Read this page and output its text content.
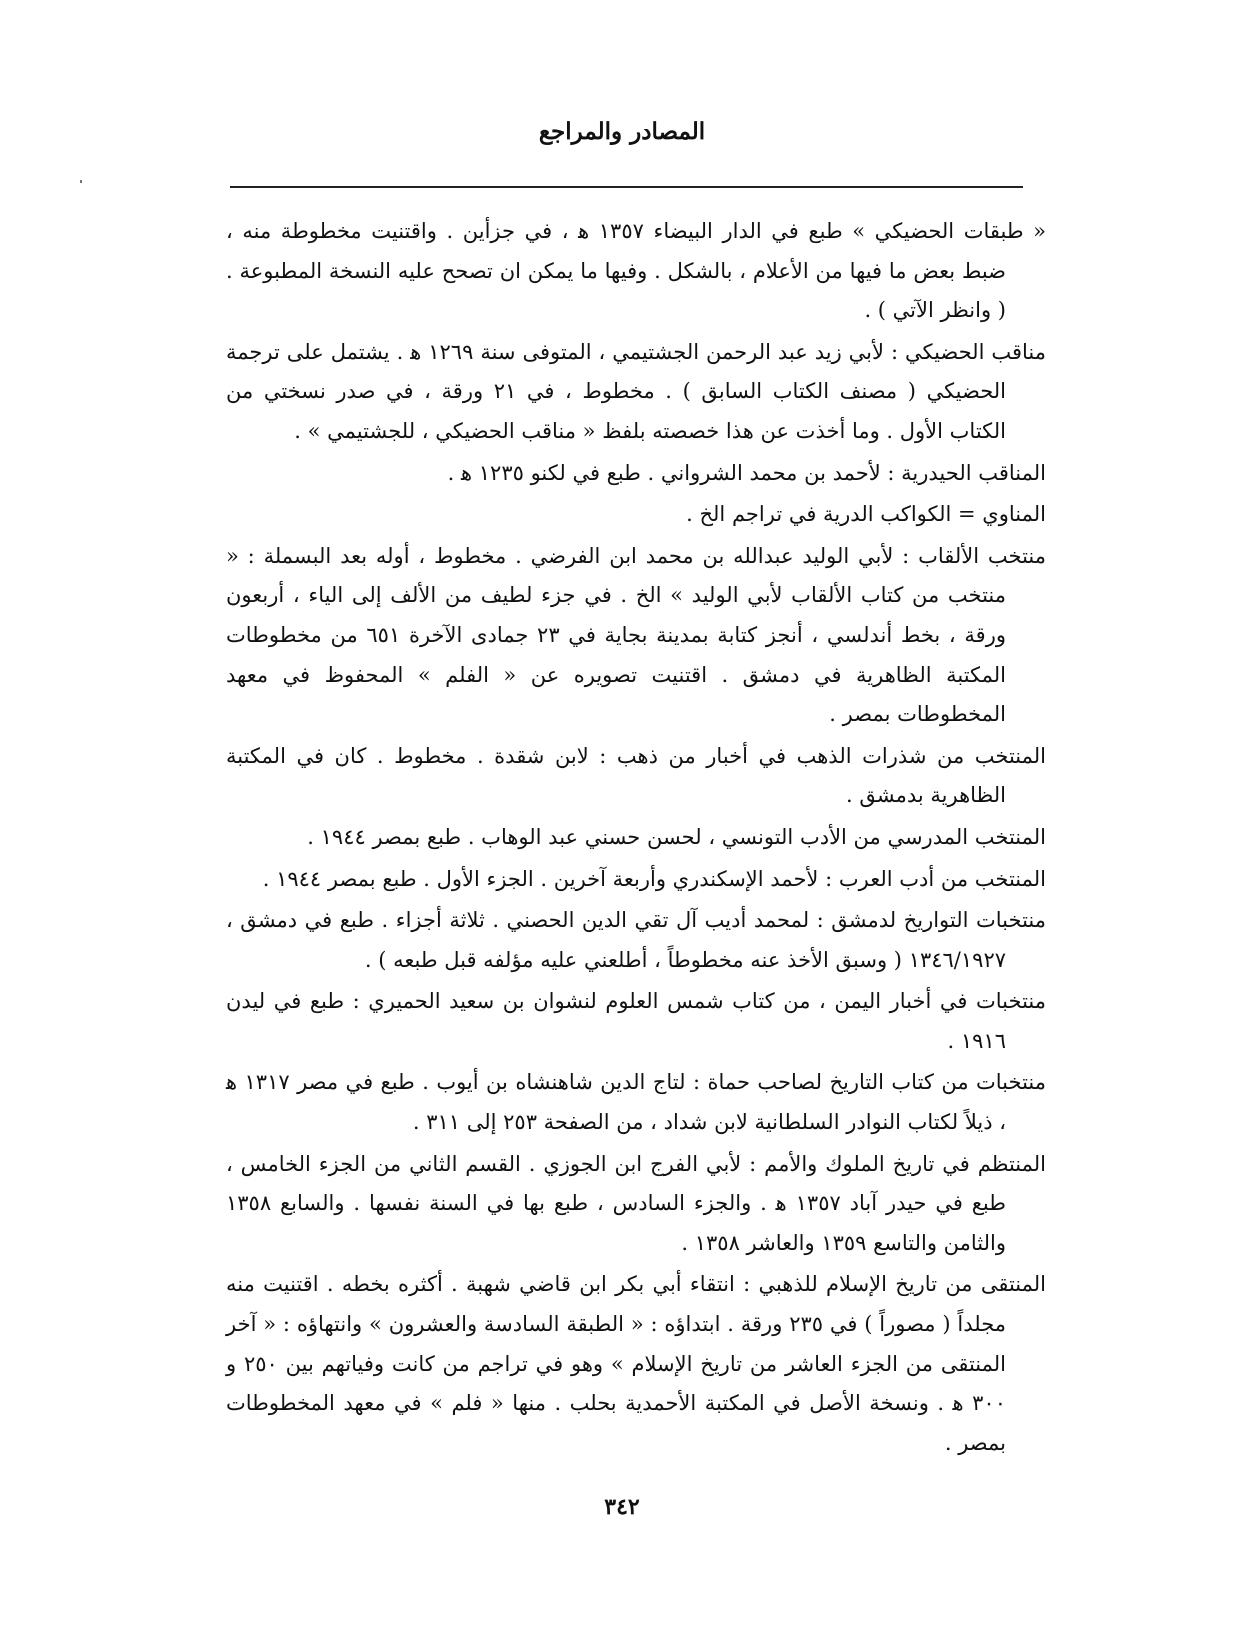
المصادر والمراجع

« طبقات الحضيكي » طبع في الدار البيضاء ١٣٥٧ ﻫ ، في جزأين . واقتنيت مخطوطة منه ، ضبط بعض ما فيها من الأعلام ، بالشكل . وفيها ما يمكن ان تصحح عليه النسخة المطبوعة . ( وانظر الآتي ) .

مناقب الحضيكي : لأبي زيد عبد الرحمن الجشتيمي ، المتوفى سنة ١٢٦٩ ﻫ . يشتمل على ترجمة الحضيكي ( مصنف الكتاب السابق ) . مخطوط ، في ٢١ ورقة ، في صدر نسختي من الكتاب الأول . وما أخذت عن هذا خصصته بلفظ « مناقب الحضيكي ، للجشتيمي » .

المناقب الحيدرية : لأحمد بن محمد الشرواني . طبع في لكنو ١٢٣٥ ﻫ .

المناوي = الكواكب الدرية في تراجم الخ .

منتخب الألقاب : لأبي الوليد عبدالله بن محمد ابن الفرضي . مخطوط ، أوله بعد البسملة : « منتخب من كتاب الألقاب لأبي الوليد » الخ . في جزء لطيف من الألف إلى الياء ، أربعون ورقة ، بخط أندلسي ، أنجز كتابة بمدينة بجاية في ٢٣ جمادى الآخرة ٦٥١ من مخطوطات المكتبة الظاهرية في دمشق . اقتنيت تصويره عن « الفلم » المحفوظ في معهد المخطوطات بمصر .

المنتخب من شذرات الذهب في أخبار من ذهب : لابن شقدة . مخطوط . كان في المكتبة الظاهرية بدمشق .

المنتخب المدرسي من الأدب التونسي ، لحسن حسني عبد الوهاب . طبع بمصر ١٩٤٤ .

المنتخب من أدب العرب : لأحمد الإسكندري وأربعة آخرين . الجزء الأول . طبع بمصر ١٩٤٤ .

منتخبات التواريخ لدمشق : لمحمد أديب آل تقي الدين الحصني . ثلاثة أجزاء . طبع في دمشق ، ١٣٤٦/١٩٢٧ ( وسبق الأخذ عنه مخطوطاً ، أطلعني عليه مؤلفه قبل طبعه ) .

منتخبات في أخبار اليمن ، من كتاب شمس العلوم لنشوان بن سعيد الحميري : طبع في ليدن ١٩١٦ .

منتخبات من كتاب التاريخ لصاحب حماة : لتاج الدين شاهنشاه بن أيوب . طبع في مصر ١٣١٧ ﻫ ، ذيلاً لكتاب النوادر السلطانية لابن شداد ، من الصفحة ٢٥٣ إلى ٣١١ .

المنتظم في تاريخ الملوك والأمم : لأبي الفرج ابن الجوزي . القسم الثاني من الجزء الخامس ، طبع في حيدر آباد ١٣٥٧ ﻫ . والجزء السادس ، طبع بها في السنة نفسها . والسابع ١٣٥٨ والثامن والتاسع ١٣٥٩ والعاشر ١٣٥٨ .

المنتقى من تاريخ الإسلام للذهبي : انتقاء أبي بكر ابن قاضي شهبة . أكثره بخطه . اقتنيت منه مجلداً ( مصوراً ) في ٢٣٥ ورقة . ابتداؤه : « الطبقة السادسة والعشرون » وانتهاؤه : « آخر المنتقى من الجزء العاشر من تاريخ الإسلام » وهو في تراجم من كانت وفياتهم بين ٢٥٠ و ٣٠٠ ﻫ . ونسخة الأصل في المكتبة الأحمدية بحلب . منها « فلم » في معهد المخطوطات بمصر .

٣٤٢
